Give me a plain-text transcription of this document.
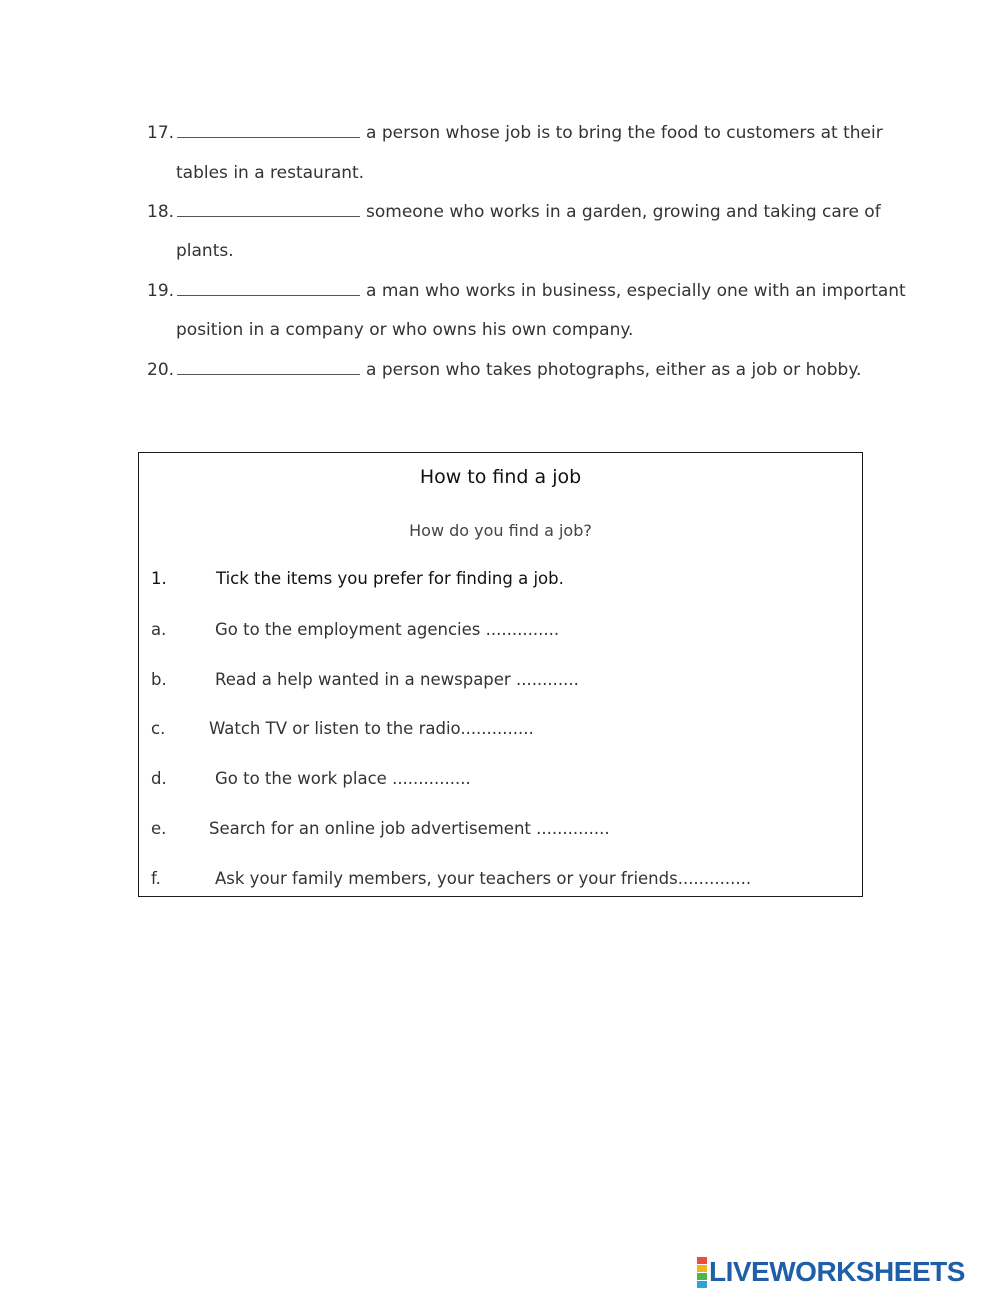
17.	a person whose job is to bring the food to customers at their
tables in a restaurant.
18.	someone who works in a garden, growing and taking care of
plants.
19.	a man who works in business, especially one with an important
position in a company or who owns his own company.
20.	a person who takes photographs, either as a job or hobby.
How to find a job
How do you find a job?
1.	Tick the items you prefer for finding a job.
a.	Go to the employment agencies ..............
b.	Read a help wanted in a newspaper ............
c.	Watch TV or listen to the radio..............
d.	Go to the work place ...............
e.	Search for an online job advertisement ..............
f.	Ask your family members, your teachers or your friends..............
LIVEWORKSHEETS
